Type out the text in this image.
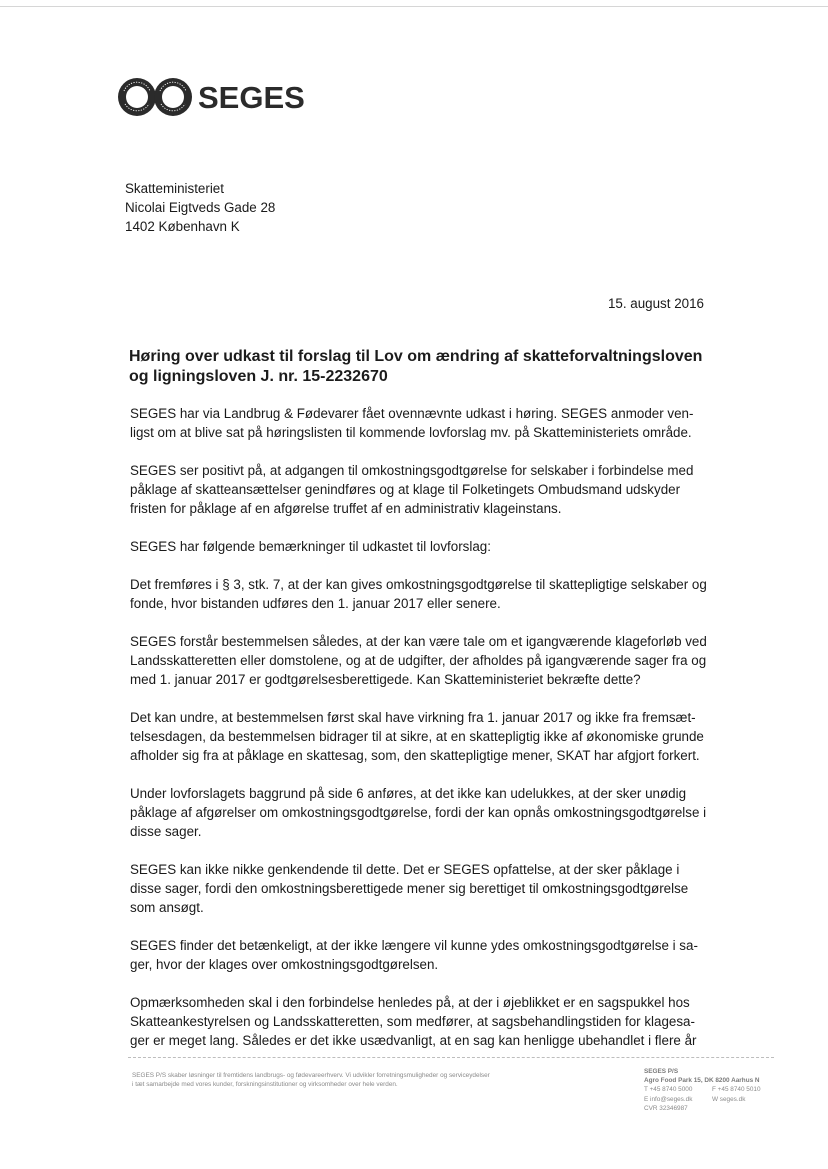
SEGES
Skatteministeriet
Nicolai Eigtveds Gade 28
1402 København K
15. august 2016
Høring over udkast til forslag til Lov om ændring af skatteforvaltningsloven
og ligningsloven J. nr. 15-2232670
SEGES har via Landbrug & Fødevarer fået ovennævnte udkast i høring. SEGES anmoder ven-
ligst om at blive sat på høringslisten til kommende lovforslag mv. på Skatteministeriets område.
SEGES ser positivt på, at adgangen til omkostningsgodtgørelse for selskaber i forbindelse med
påklage af skatteansættelser genindføres og at klage til Folketingets Ombudsmand udskyder
fristen for påklage af en afgørelse truffet af en administrativ klageinstans.
SEGES har følgende bemærkninger til udkastet til lovforslag:
Det fremføres i § 3, stk. 7, at der kan gives omkostningsgodtgørelse til skattepligtige selskaber og
fonde, hvor bistanden udføres den 1. januar 2017 eller senere.
SEGES forstår bestemmelsen således, at der kan være tale om et igangværende klageforløb ved
Landsskatteretten eller domstolene, og at de udgifter, der afholdes på igangværende sager fra og
med 1. januar 2017 er godtgørelsesberettigede. Kan Skatteministeriet bekræfte dette?
Det kan undre, at bestemmelsen først skal have virkning fra 1. januar 2017 og ikke fra fremsæt-
telsesdagen, da bestemmelsen bidrager til at sikre, at en skattepligtig ikke af økonomiske grunde
afholder sig fra at påklage en skattesag, som, den skattepligtige mener, SKAT har afgjort forkert.
Under lovforslagets baggrund på side 6 anføres, at det ikke kan udelukkes, at der sker unødig
påklage af afgørelser om omkostningsgodtgørelse, fordi der kan opnås omkostningsgodtgørelse i
disse sager.
SEGES kan ikke nikke genkendende til dette. Det er SEGES opfattelse, at der sker påklage i
disse sager, fordi den omkostningsberettigede mener sig berettiget til omkostningsgodtgørelse
som ansøgt.
SEGES finder det betænkeligt, at der ikke længere vil kunne ydes omkostningsgodtgørelse i sa-
ger, hvor der klages over omkostningsgodtgørelsen.
Opmærksomheden skal i den forbindelse henledes på, at der i øjeblikket er en sagspukkel hos
Skatteankestyrelsen og Landsskatteretten, som medfører, at sagsbehandlingstiden for klagesa-
ger er meget lang. Således er det ikke usædvanligt, at en sag kan henligge ubehandlet i flere år
SEGES P/S skaber løsninger til fremtidens landbrugs- og fødevareerhverv. Vi udvikler forretningsmuligheder og serviceydelser
i tæt samarbejde med vores kunder, forskningsinstitutioner og virksomheder over hele verden.
SEGES P/S
Agro Food Park 15, DK 8200 Aarhus N
T +45 8740 5000	F +45 8740 5010
E info@seges.dk	W seges.dk
CVR 32346987
